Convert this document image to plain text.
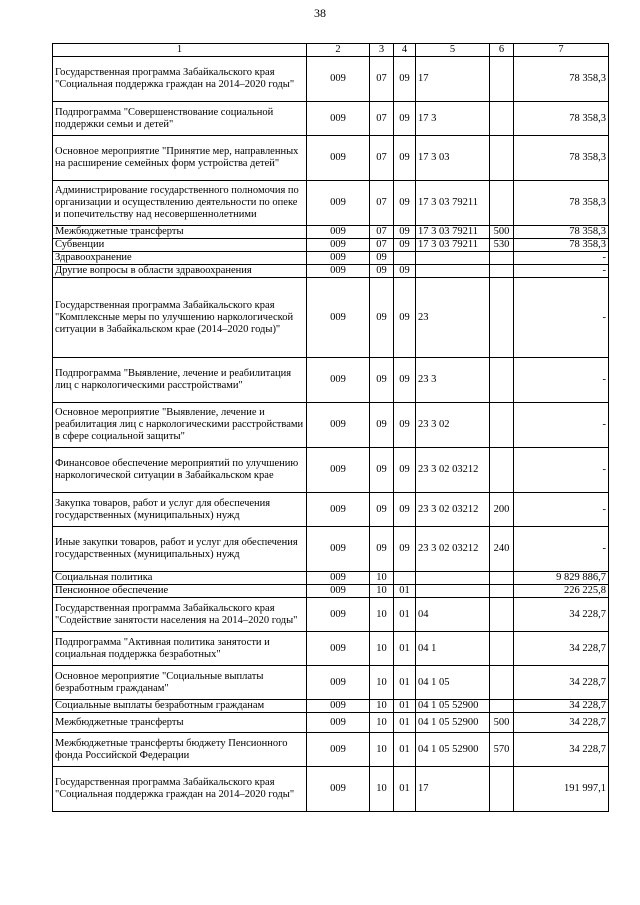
38
1	2	3	4	5	6	7
Государственная программа Забайкальского края "Социальная поддержка граждан на 2014–2020 годы"	009	07	09	17		78 358,3
Подпрограмма "Совершенствование социальной поддержки семьи и детей"	009	07	09	17 3		78 358,3
Основное мероприятие "Принятие мер, направленных на расширение семейных форм устройства детей"	009	07	09	17 3 03		78 358,3
Администрирование государственного полномочия по организации и осуществлению деятельности по опеке и попечительству над несовершеннолетними	009	07	09	17 3 03 79211		78 358,3
Межбюджетные трансферты	009	07	09	17 3 03 79211	500	78 358,3
Субвенции	009	07	09	17 3 03 79211	530	78 358,3
Здравоохранение	009	09				-
Другие вопросы в области здравоохранения	009	09	09			-
Государственная программа Забайкальского края "Комплексные меры по улучшению наркологической ситуации в Забайкальском крае (2014–2020 годы)"	009	09	09	23		-
Подпрограмма "Выявление, лечение и реабилитация лиц с наркологическими расстройствами"	009	09	09	23 3		-
Основное мероприятие "Выявление, лечение и реабилитация лиц с наркологическими расстройствами в сфере социальной защиты"	009	09	09	23 3 02		-
Финансовое обеспечение мероприятий по улучшению наркологической ситуации в Забайкальском крае	009	09	09	23 3 02 03212		-
Закупка товаров, работ и услуг для обеспечения государственных (муниципальных) нужд	009	09	09	23 3 02 03212	200	-
Иные закупки товаров, работ и услуг для обеспечения государственных (муниципальных) нужд	009	09	09	23 3 02 03212	240	-
Социальная политика	009	10				9 829 886,7
Пенсионное обеспечение	009	10	01			226 225,8
Государственная программа Забайкальского края "Содействие занятости населения на 2014–2020 годы"	009	10	01	04		34 228,7
Подпрограмма "Активная политика занятости и социальная поддержка безработных"	009	10	01	04 1		34 228,7
Основное мероприятие "Социальные выплаты безработным гражданам"	009	10	01	04 1 05		34 228,7
Социальные выплаты безработным гражданам	009	10	01	04 1 05 52900		34 228,7
Межбюджетные трансферты	009	10	01	04 1 05 52900	500	34 228,7
Межбюджетные трансферты бюджету Пенсионного фонда Российской Федерации	009	10	01	04 1 05 52900	570	34 228,7
Государственная программа Забайкальского края "Социальная поддержка граждан на 2014–2020 годы"	009	10	01	17		191 997,1
